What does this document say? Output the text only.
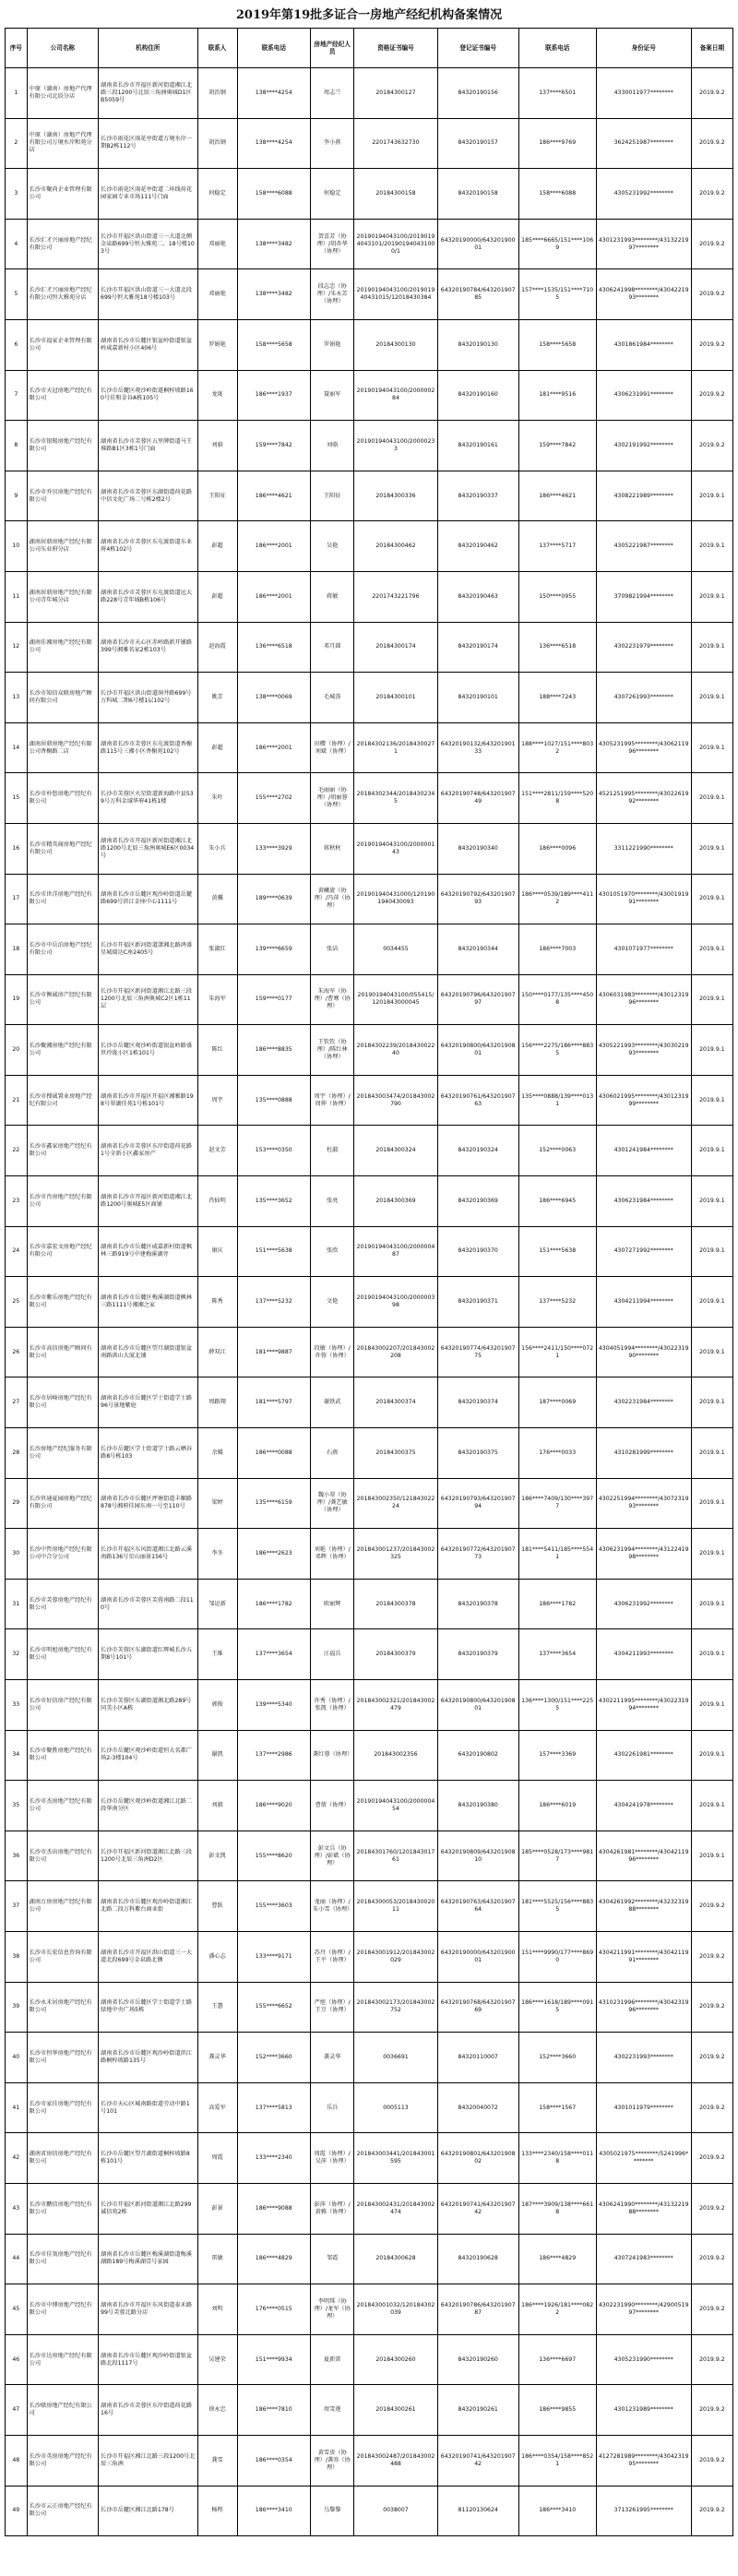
2019年第19批多证合一房地产经纪机构备案情况
序号	公司名称	机构住所	联系人	联系电话	房地产经纪人员	资格证书编号	登记证书编号	联系电话	身份证号	备案日期
1	中原（湖南）房地产代理有限公司北辰分店	湖南省长沙市开福区新河街道湘江北路三段1200号北辰三角洲奥城D1区B5059号	胡治钢	138****4254	周志兰	20184300127	84320190156	137****6501	4330011977********	2019.9.2
2	中原（湖南）房地产代理有限公司万境水岸和苑分店	长沙市雨花区雨花亭街道万境水岸一期B2栋112号	胡治钢	138****4254	李小燕	2201743632730	84320190157	186****9769	3624251987********	2019.9.2
3	长沙市聚尚企业管理有限公司	长沙市雨花区雨花亭街道二环线荷花园家园专业市场111号门面	何稳定	158****6088	何稳定	20184300158	84320190158	158****6088	4305231992********	2019.9.2
4	长沙汇才兴丽房地产经纪有限公司	长沙市开福区洪山街道三一大道北侧金泉路699号恒大雅苑二、18号楼103号	邓丽艳	138****3482	贺喜芳（协理）/胡杏华（协理）	20190194043100/20190194043101/201901940431000/1	64320190000/64320190001	185****6665/151****1069	4301231993********/4313221997********	2019.9.2
5	长沙汇才兴丽房地产经纪有限公司恒大雅苑分店	长沙市开福区洪山街道三一大道北段699号恒大雅苑18号楼103号	邓丽艳	138****3482	段志忠（协理）/朱永芳（协理）	20190194043100/201901940431015/12018430384	64320190784/64320190785	157****1535/151****7105	4306241998********/4304221993********	2019.9.2
6	长沙市福家企业管理有限公司	湖南省长沙市岳麓区银盆岭街道银盆岭咸嘉新村小区406号	罗娟艳	158****5658	罗娟艳	20184300130	84320190130	158****5658	4301861984********	2019.9.2
7	长沙市天冠房地产经纪有限公司	长沙市岳麓区观沙岭街道桐梓坡路160号佳和金谷A栋105号	龙珑	186****1937	聂丽军	20190194043100/200000284	84320190160	181****9516	4306231991********	2019.9.2
8	长沙市银锡房地产经纪有限公司	湖南省长沙市芙蓉区五里牌街道马王堆路B1区3栋1号门面	刘骆	159****7842	刘骆	20190194043100/20000233	84320190161	159****7842	4302191992********	2019.9.2
9	长沙市乔贝房地产经纪有限公司	湖南省长沙市芙蓉区东湖街道荷花路中信文化广场二号栋2楼2号	王阳征	186****4621	王阳征	20184300336	84320190337	186****4621	4308221989********	2019.9.1
10	湖南居鼎房地产经纪有限公司东业府分店	湖南省长沙市芙蓉区东屯渡街道东业府4栋102号	彭超	186****2001	吴艳	20184300462	84320190462	137****5717	4305221987********	2019.9.1
11	湖南居鼎房地产经纪有限公司青年城分店	湖南省长沙市芙蓉区东屯渡街道远大路228号青年城B栋106号	彭超	186****2001	蒋敏	2201743221796	84320190463	150****0955	3709821994********	2019.9.1
12	湖南佳湘房地产经纪有限公司	湖南省长沙市天心区赤岭路新开铺路399号湘雅名家2栋103号	赵海霞	136****6518	邓月圆	20184300174	84320190174	136****6518	4302231979********	2019.9.1
13	长沙市知信众联房地产顾问有限公司	长沙市开福区洪山街道洞井路699号万科城二期6号楼1层102号	姚芳	138****0069	毛城涛	20184300101	84320190101	188****7243	4307261993********	2019.9.1
14	湖南居鼎房地产经纪有限公司香榭路二店	湖南省长沙市芙蓉区东屯渡街道香榭路115号三湘小区香榭苑102号	彭超	186****2001	田樱（协理）/刘斌（协理）	20184302136/20184300271	64320190132/64320190133	188****1027/151****8032	4305231995********/4306211996********	2019.9.1
15	长沙市朴悠房地产经纪有限公司	长沙市芙蓉区火星街道新海路中县539号万科金域华府41栋1楼	朱叶	155****2702	毛丽丽（协理）/胡丽蓉（协理）	20184302344/20184302345	64320190748/64320190749	151****2811/159****5208	4521251995********/4302261992********	2019.9.1
16	长沙市精英商房地产经纪有限公司	湖南省长沙市开福区新河街道湘江北路1200号北辰三角洲奥城E6区0034号	朱小兵	133****3929	蒋秋秋	20190194043100/200000143	84320190340	186****0096	3311221990********	2019.9.1
17	长沙市世洋房地产经纪有限公司	湖南省长沙市岳麓区观沙岭街道岳麓路699号滨江金座中心1111号	黄骥	189****0639	黄曦旋（协理）/冯萍（协理）	201901940431000/1201901940430093	64320190792/64320190793	186****0539/189****4112	4301051970********/4300191991********	2019.9.1
18	长沙市中岳泊房地产经纪有限公司	长沙市开福区新河街道潇湘北路鸿盛星城瑞达C座2405号	张淑红	139****6659	张洁	0034455	84320190344	186****7003	4301071977********	2019.9.1
19	长沙市衡诚房产经纪有限公司	长沙市开福区新河街道湘江北路三段1200号北辰三角洲奥城C2区1栋11层	朱海军	159****0177	朱海军（协理）/曹骞（协理）	20190194043100/055415/1201843000045	64320190796/64320190797	150****0177/135****4508	4306031983********/4301231996********	2019.9.1
20	长沙聚湘房地产经纪有限公司	长沙市岳麓区观沙岭街道银盆岭路盛世玲珑小区1栋101号	陈红	186****8835	王钦钦（协理）/陈红林（协理）	20184302239/201843002240	64320190800/64320190801	156****2275/186****8835	4305221993********/4303021993********	2019.9.1
21	长沙市搜诚置业房地产经纪有限公司	湖南省长沙市开福区开福区湘雅路198号翠湖佳苑1号栋101号	周宇	135****0888	周宇（协理）/周伸（协理）	201843003474/201843002790	64320190761/64320190763	135****0888/139****0131	4306021995********/4301231999********	2019.9.1
22	长沙市鑫家房地产经纪有限公司	湖南省长沙市芙蓉区东岸街道荷花路1号全新小区鑫家房产	赵文芳	153****0350	杜淑	20184300324	84320190324	152****0063	4301241984********	2019.9.1
23	长沙市肖房地产经纪有限公司	湖南省长沙市开福区新河街道湘江北路1200号奥城E5区商铺	肖仙明	135****3652	张亮	20184300369	84320190369	186****6945	4306231984********	2019.9.1
24	长沙市嘉宏文房地产经纪有限公司	湖南省长沙市岳麓区咸嘉新村街道枫林三路919号中建梅溪湖旁	康庆	151****5638	张欣	20190194043100/200000487	84320190370	151****5638	4307271992********	2019.9.1
25	长沙市紫乐房地产经纪有限公司	湖南省长沙市岳麓区梅溪湖街道枫林三路1111号湘湘之家	陈秀	137****5232	文艳	20190194043100/200000398	84320190371	137****5232	4304211994********	2019.9.1
26	长沙市高信房地产顾问有限公司	湖南省长沙市岳麓区望月湖街道银盆南路洪山大厦北铺	薛双江	181****9887	段敏（协理）/许蓉（协理）	201843002207/201843002208	64320190774/64320190775	156****2411/150****0721	4304051994********/4302231990********	2019.9.1
27	长沙市居峰房地产经纪有限公司	湖南省长沙市岳麓区学士街道学士路96号景地紫庭	周路翔	181****5797	谢铁武	20184300374	84320190374	187****0069	4302231984********	2019.9.1
28	长沙房地产经纪服务有限公司	长沙市岳麓区学士街道学士路云栖谷路8号栋103	余媛	186****0088	石燕	20184300375	84320190375	176****0033	4310281999********	2019.9.1
29	长沙世通夏园房地产经纪有限公司	湖南省长沙市岳麓区坪塘街道丰顺路878号湘府佳园东南一号至110号	梁婷	135****6159	魏小翠（协理）/龚艺敏（协理）	201843002350/12184302224	64320190793/64320190794	186****7409/130****3977	4302251994********/4307231993********	2019.9.1
30	长沙中哲房地产经纪有限公司中合分公司	长沙市开福区东风街道湘江北路云溪南路136号星山丽景156号	李冬	186****2623	刘艳（协理）/邓辉（协理）	201843001237/201843002325	64320190772/64320190773	181****5411/185****5541	4306231994********/4312241998********	2019.9.1
31	长沙市芙蓉房地产经纪有限公司	湖南省长沙市芙蓉区芙蓉南路二段110号	邹运新	186****1782	欧丽辉	20184300378	84320190378	186****1782	4306231992********	2019.9.1
32	长沙市明旭房地产经纪有限公司	长沙市芙蓉区东湖街道红辉城长沙五期8号101号	王维	137****3654	汪福兵	20184300379	84320190379	137****3654	4304211993********	2019.9.1
33	长沙市好信房产经纪有限公司	长沙市芙蓉区东湖街道湘北路289号同美小区A栋	郭俊	139****5340	许秀（协理）/张凯（协理）	201843002321/201843002479	64320190800/64320190801	136****1300/151****2255	4302211995********/4302231994********	2019.9.1
34	长沙市聚胜房地产经纪有限公司	长沙市岳麓区观沙岭街道恒大名都广场2-3楼104号	谢凯	137****2986	龚红蓉（协理）	201843002356	64320190802	157****3369	4302261981********	2019.9.1
35	长沙市杰房地产经纪有限公司	长沙市岳麓区观沙岭街道湘江北路二段华南分区	刘毅	186****9020	曹倩（协理）	20190194043100/200000454	84320190380	186****6019	4304241978********	2019.9.1
36	长沙市杰出房地产经纪有限公司	长沙市开福区新河街道湘江北路三段1200号北辰三角洲D2区	彭文凯	155****8620	彭文兵（协理）/彭斌（协理）	20184301760/120184301761	64320190809/64320190810	185****0528/173****9817	4304261981********/4304211996********	2019.9.1
37	湖南万房房地产经纪有限公司	湖南省长沙市岳麓区观沙岭街道湘江北路二段万科紫台商业街	曹跃	155****3603	龙丽（协理）/朱小雪（协理）	20184300053/201843002011	64320190763/64320190764	181****5525/156****8835	4304261992********/4323231988********	2019.9.2
38	长沙市长宏信息咨询有限公司	湖南省长沙市开福区洪山街道三一大道北段699号金泉路北侧	潘心志	133****9171	苏丹（协理）/王平（协理）	201843001912/201843002029	64320190000/64320190001	151****9990/177****8690	4304211991********/4304211991********	2019.9.2
39	长沙永禾居房地产经纪有限公司	湖南省长沙市岳麓区学士街道学士路绿地中央广场5栋	王慧	155****6652	严旭（协理）/王豆（协理）	201843002173/201843002752	64320190768/64320190769	186****1618/189****0915	4310231996********/4304231996********	2019.9.2
40	长沙市恒华房地产经纪有限公司	湖南省长沙市岳麓区观沙岭街道滨江路桐梓坡路135号	龚灵华	152****3660	龚灵华	0036691	84320110007	152****3660	4302231993********	2019.9.2
41	长沙市家佳房地产经纪有限公司	长沙市天心区城南路街道劳动中路1号101	高爱军	137****5813	乐兵	0005113	84320040072	158****1567	4301011979********	2019.9.2
42	湖南省房信房地产经纪有限公司	长沙市岳麓区望月湖街道桐梓坡路8栋101号	周霞	133****2340	周霞（协理）/吴萍（协理）	201843003441/201843001595	64320190801/64320190802	133****2340/158****0118	4305021975********/5241996********	2019.9.2
43	长沙市鹏信房地产经纪有限公司	长沙市开福区新河街道湘江北路299诚信苑2栋	彭景	186****9088	彭萍（协理）/黄雅（协理）	201843002431/201843002474	64320190741/64320190742	187****3909/138****6618	4306241990********/4313221988********	2019.9.2
44	长沙市佳瓴房地产经纪有限公司	湖南省长沙市岳麓区梅溪湖街道梅溪湖路189号梅溪湖壹号家园	雷敏	186****4829	邹霞	20184300628	84320190628	186****4829	4307241983********	2019.9.2
45	长沙市中博房地产经纪有限公司	湖南省长沙市开福区东风街道泰禾路99号芙蓉北路分店	刘明	176****0515	李明珠（协理）/龙军（协理）	201843001032/120184302039	64320190786/64320190787	186****1926/181****0822	4302231990********/4290051997********	2019.9.2
46	长沙市达房地产经纪有限公司	湖南省长沙市岳麓区观沙岭街道银盆路北段1117号	吴建荣	151****9934	夏新雷	20184300260	84320190260	136****6697	4305231990********	2019.9.2
47	长沙联房地产经纪有限公司	湖南省长沙市芙蓉区东岸街道荷花路16号	徐永忠	186****7810	周雪莲	20184300261	84320190261	186****9855	4301231989********	2019.9.2
48	长沙市英房房地产经纪有限公司	长沙市开福区湘江北路三段1200号北辰三角洲	龚雪	186****0354	黄雪贵（协理）/龚容（协理）	201843002487/201843002488	64320190741/64320190742	186****0354/158****8521	4127281989********/4304231995********	2019.9.2
49	长沙市云正房地产经纪有限公司	长沙市岳麓区湘江北路178号	杨程	186****3410	乌黎黎	0038007	81120130624	186****3410	3713261995********	2019.9.2
